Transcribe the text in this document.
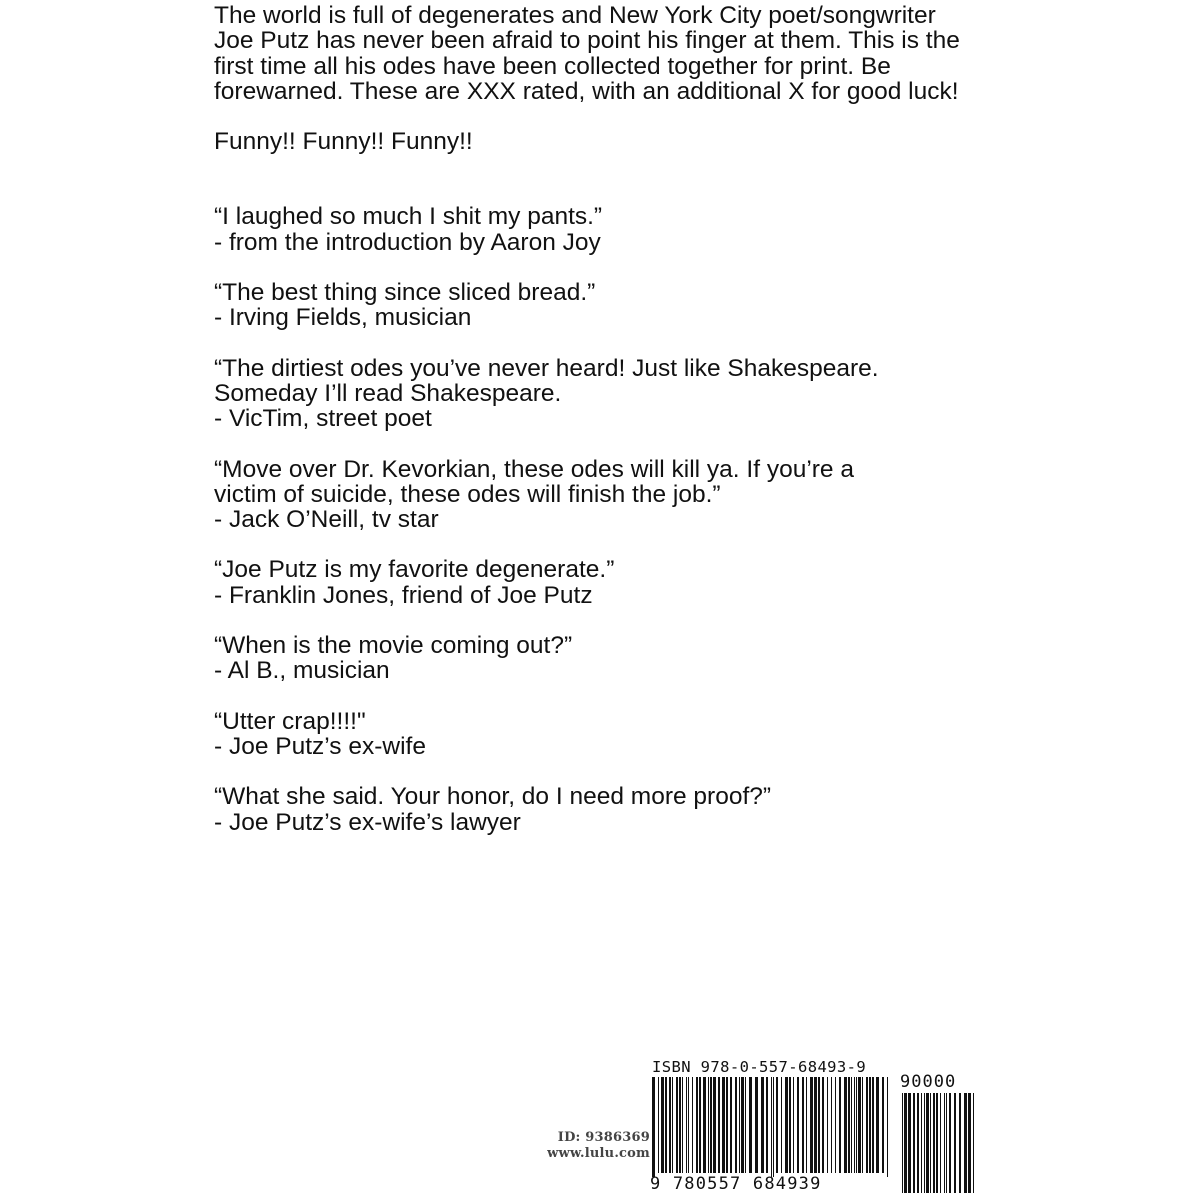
The world is full of degenerates and New York City poet/songwriter Joe Putz has never been afraid to point his finger at them. This is the first time all his odes have been collected together for print. Be forewarned. These are XXX rated, with an additional X for good luck!

Funny!! Funny!! Funny!!

“I laughed so much I shit my pants.”
- from the introduction by Aaron Joy

“The best thing since sliced bread.”
- Irving Fields, musician

“The dirtiest odes you’ve never heard! Just like Shakespeare.
Someday I’ll read Shakespeare.
- VicTim, street poet

“Move over Dr. Kevorkian, these odes will kill ya. If you’re a
victim of suicide, these odes will finish the job.”
- Jack O’Neill, tv star

“Joe Putz is my favorite degenerate.”
- Franklin Jones, friend of Joe Putz

“When is the movie coming out?”
- Al B., musician

“Utter crap!!!!"
- Joe Putz’s ex-wife

“What she said. Your honor, do I need more proof?”
- Joe Putz’s ex-wife’s lawyer

ID: 9386369
www.lulu.com
ISBN 978-0-557-68493-9
90000
9 780557 684939
